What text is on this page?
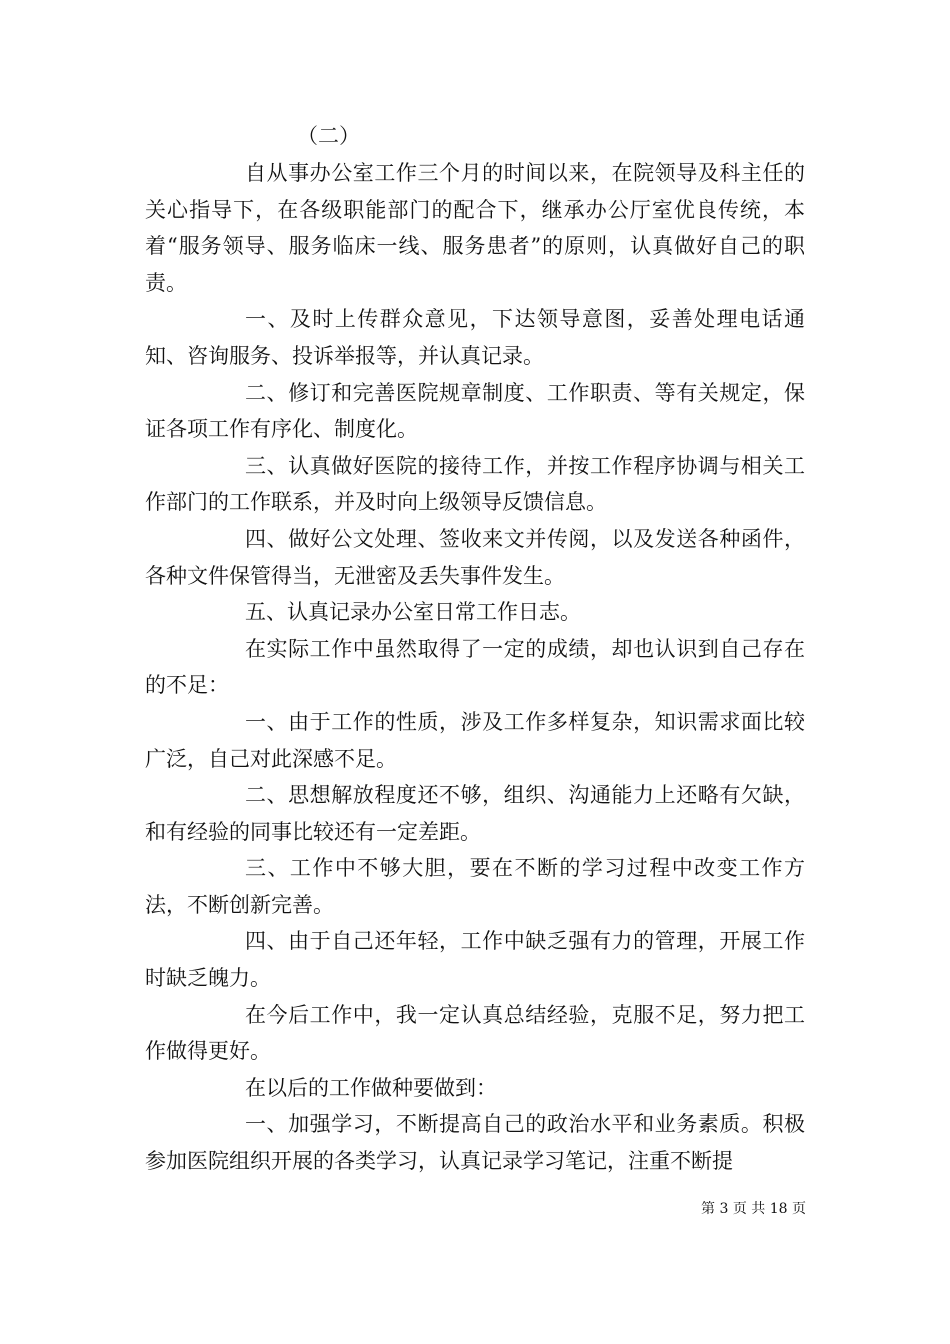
（二）

自从事办公室工作三个月的时间以来，在院领导及科主任的关心指导下，在各级职能部门的配合下，继承办公厅室优良传统，本着“服务领导、服务临床一线、服务患者”的原则，认真做好自己的职责。

一、及时上传群众意见，下达领导意图，妥善处理电话通知、咨询服务、投诉举报等，并认真记录。

二、修订和完善医院规章制度、工作职责、等有关规定，保证各项工作有序化、制度化。

三、认真做好医院的接待工作，并按工作程序协调与相关工作部门的工作联系，并及时向上级领导反馈信息。

四、做好公文处理、签收来文并传阅，以及发送各种函件，各种文件保管得当，无泄密及丢失事件发生。

五、认真记录办公室日常工作日志。

在实际工作中虽然取得了一定的成绩，却也认识到自己存在的不足：

一、由于工作的性质，涉及工作多样复杂，知识需求面比较广泛，自己对此深感不足。

二、思想解放程度还不够，组织、沟通能力上还略有欠缺，和有经验的同事比较还有一定差距。

三、工作中不够大胆，要在不断的学习过程中改变工作方法，不断创新完善。

四、由于自己还年轻，工作中缺乏强有力的管理，开展工作时缺乏魄力。

在今后工作中，我一定认真总结经验，克服不足，努力把工作做得更好。

在以后的工作做种要做到：

一、加强学习，不断提高自己的政治水平和业务素质。积极参加医院组织开展的各类学习，认真记录学习笔记，注重不断提

第 3 页 共 18 页
